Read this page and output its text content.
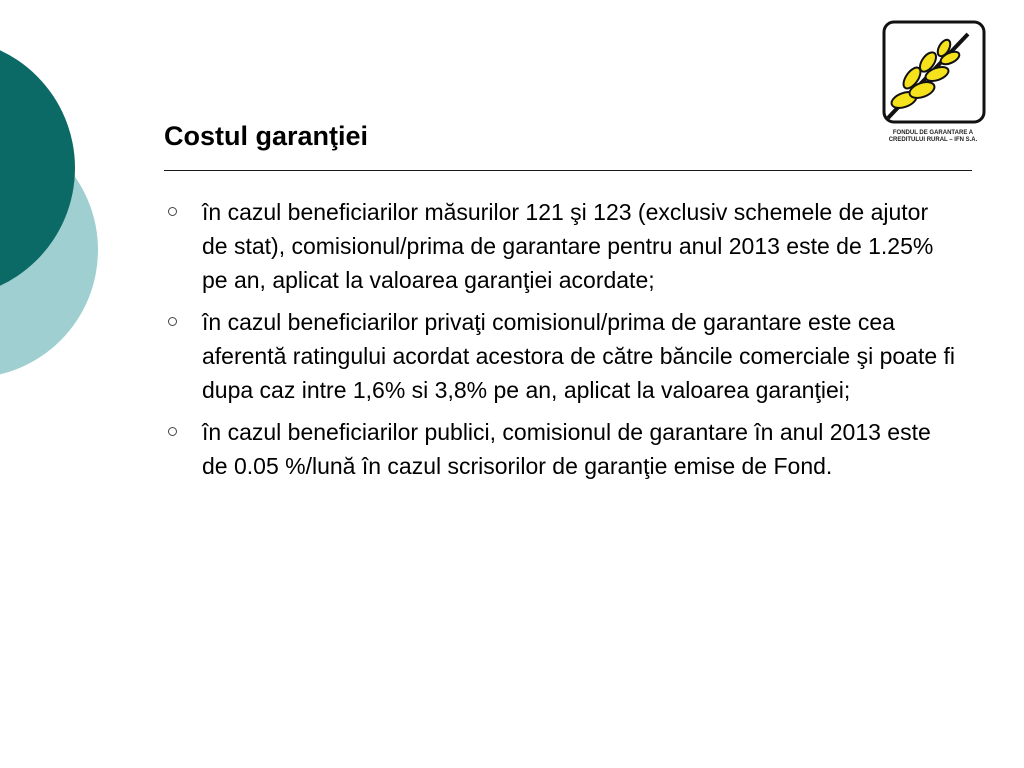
FONDUL DE GARANTARE A
CREDITULUI RURAL – IFN S.A.
Costul garanţiei
în cazul beneficiarilor măsurilor 121 şi 123 (exclusiv schemele de ajutor de stat), comisionul/prima de garantare pentru anul 2013 este de 1.25% pe an, aplicat la valoarea garanţiei acordate;
în cazul beneficiarilor privaţi comisionul/prima de garantare este cea aferentă ratingului acordat acestora de către băncile comerciale şi poate fi dupa caz intre 1,6% si 3,8% pe an, aplicat la valoarea garanţiei;
în cazul beneficiarilor publici, comisionul de garantare în anul 2013 este de 0.05 %/lună în cazul scrisorilor de garanţie emise de Fond.
